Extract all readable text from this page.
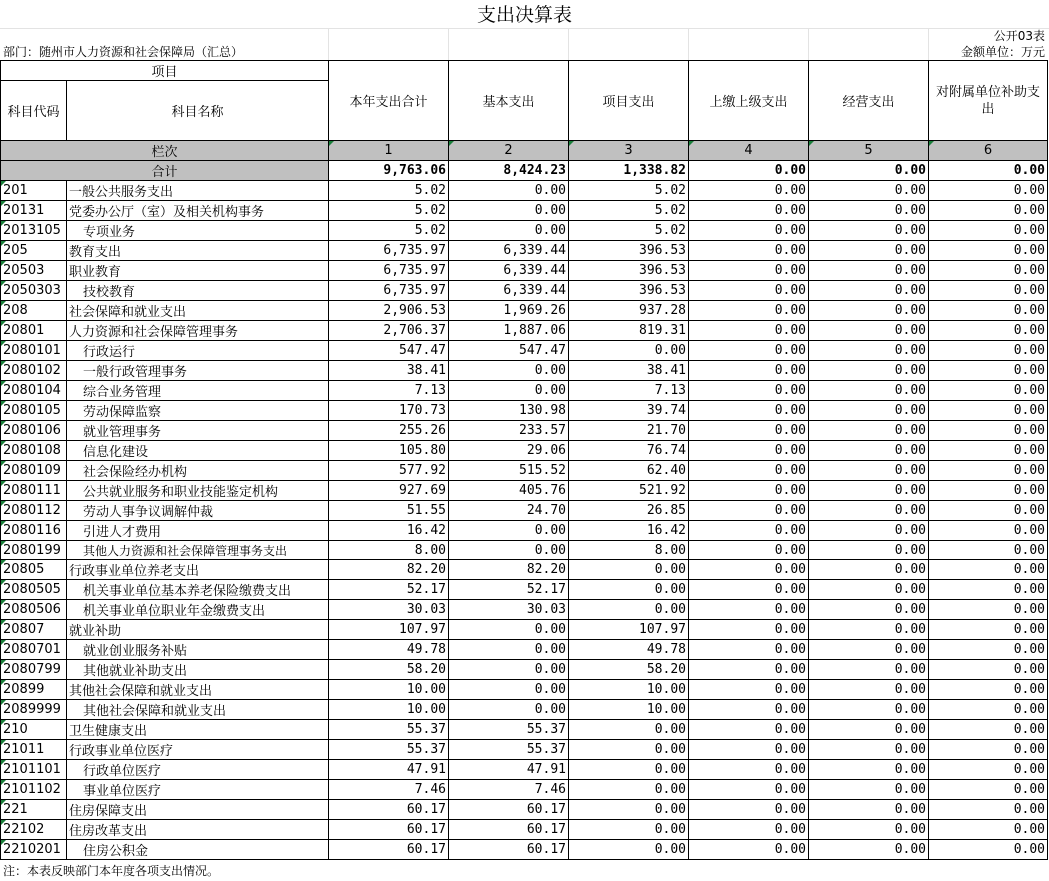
支出决算表
公开03表
部门：随州市人力资源和社会保障局（汇总）	金额单位：万元
项目		本年支出合计	基本支出	项目支出	上缴上级支出	经营支出	对附属单位补助支出
科目代码	科目名称						
栏次		1	2	3	4	5	6
合计		9,763.06	8,424.23	1,338.82	0.00	0.00	0.00
201	一般公共服务支出	5.02	0.00	5.02	0.00	0.00	0.00
20131	党委办公厅（室）及相关机构事务	5.02	0.00	5.02	0.00	0.00	0.00
2013105	专项业务	5.02	0.00	5.02	0.00	0.00	0.00
205	教育支出	6,735.97	6,339.44	396.53	0.00	0.00	0.00
20503	职业教育	6,735.97	6,339.44	396.53	0.00	0.00	0.00
2050303	技校教育	6,735.97	6,339.44	396.53	0.00	0.00	0.00
208	社会保障和就业支出	2,906.53	1,969.26	937.28	0.00	0.00	0.00
20801	人力资源和社会保障管理事务	2,706.37	1,887.06	819.31	0.00	0.00	0.00
2080101	行政运行	547.47	547.47	0.00	0.00	0.00	0.00
2080102	一般行政管理事务	38.41	0.00	38.41	0.00	0.00	0.00
2080104	综合业务管理	7.13	0.00	7.13	0.00	0.00	0.00
2080105	劳动保障监察	170.73	130.98	39.74	0.00	0.00	0.00
2080106	就业管理事务	255.26	233.57	21.70	0.00	0.00	0.00
2080108	信息化建设	105.80	29.06	76.74	0.00	0.00	0.00
2080109	社会保险经办机构	577.92	515.52	62.40	0.00	0.00	0.00
2080111	公共就业服务和职业技能鉴定机构	927.69	405.76	521.92	0.00	0.00	0.00
2080112	劳动人事争议调解仲裁	51.55	24.70	26.85	0.00	0.00	0.00
2080116	引进人才费用	16.42	0.00	16.42	0.00	0.00	0.00
2080199	其他人力资源和社会保障管理事务支出	8.00	0.00	8.00	0.00	0.00	0.00
20805	行政事业单位养老支出	82.20	82.20	0.00	0.00	0.00	0.00
2080505	机关事业单位基本养老保险缴费支出	52.17	52.17	0.00	0.00	0.00	0.00
2080506	机关事业单位职业年金缴费支出	30.03	30.03	0.00	0.00	0.00	0.00
20807	就业补助	107.97	0.00	107.97	0.00	0.00	0.00
2080701	就业创业服务补贴	49.78	0.00	49.78	0.00	0.00	0.00
2080799	其他就业补助支出	58.20	0.00	58.20	0.00	0.00	0.00
20899	其他社会保障和就业支出	10.00	0.00	10.00	0.00	0.00	0.00
2089999	其他社会保障和就业支出	10.00	0.00	10.00	0.00	0.00	0.00
210	卫生健康支出	55.37	55.37	0.00	0.00	0.00	0.00
21011	行政事业单位医疗	55.37	55.37	0.00	0.00	0.00	0.00
2101101	行政单位医疗	47.91	47.91	0.00	0.00	0.00	0.00
2101102	事业单位医疗	7.46	7.46	0.00	0.00	0.00	0.00
221	住房保障支出	60.17	60.17	0.00	0.00	0.00	0.00
22102	住房改革支出	60.17	60.17	0.00	0.00	0.00	0.00
2210201	住房公积金	60.17	60.17	0.00	0.00	0.00	0.00
注：本表反映部门本年度各项支出情况。
